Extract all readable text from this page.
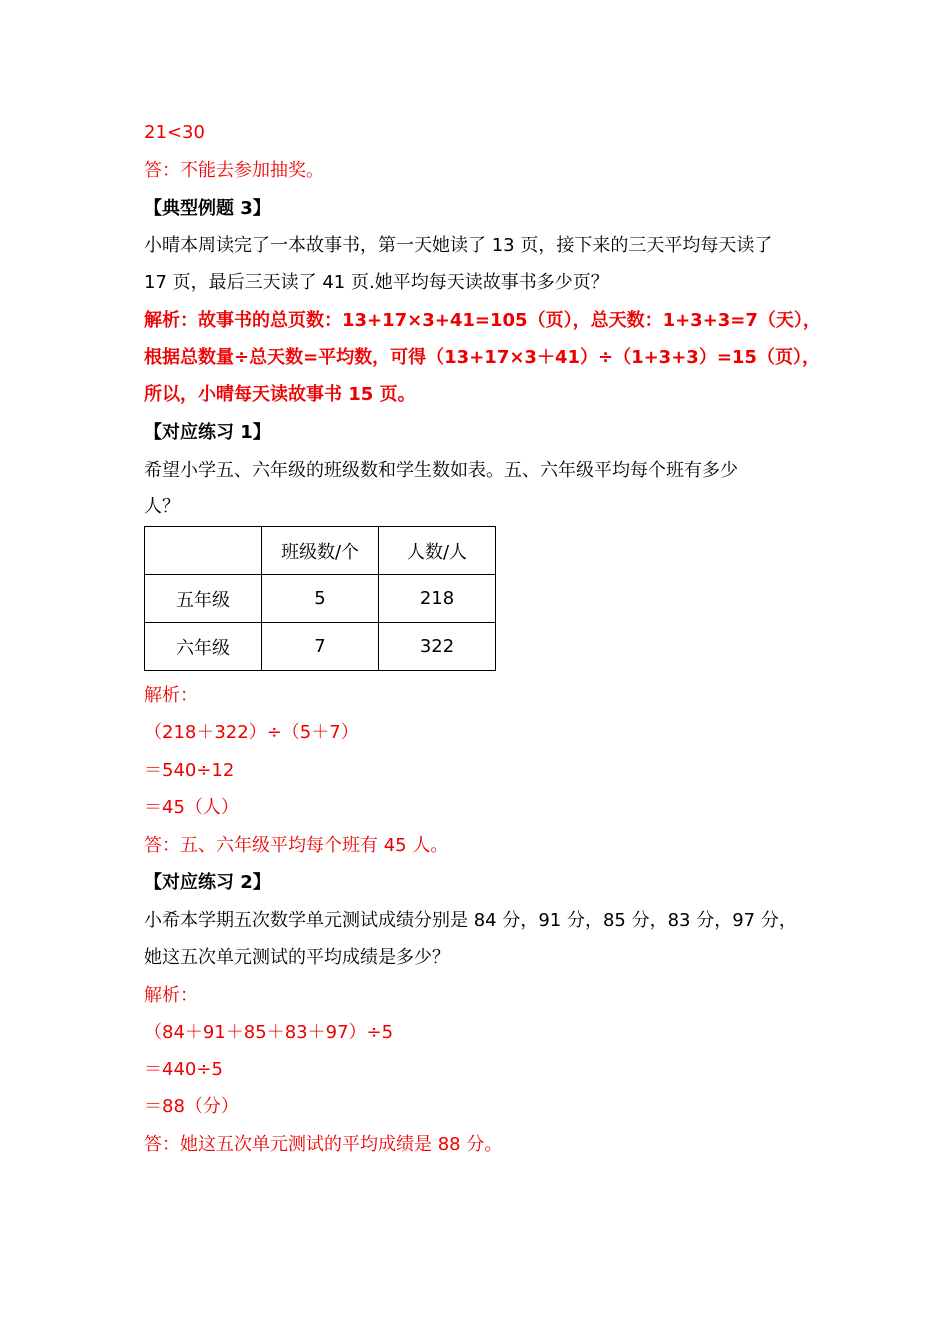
21<30
答：不能去参加抽奖。
【典型例题 3】
小晴本周读完了一本故事书，第一天她读了 13 页，接下来的三天平均每天读了
17 页，最后三天读了 41 页.她平均每天读故事书多少页？
解析：故事书的总页数：13+17×3+41=105（页），总天数：1+3+3=7（天），
根据总数量÷总天数=平均数，可得（13+17×3＋41）÷（1+3+3）=15（页），
所以，小晴每天读故事书 15 页。
【对应练习 1】
希望小学五、六年级的班级数和学生数如表。五、六年级平均每个班有多少
人？
	班级数/个	人数/人
五年级	5	218
六年级	7	322
解析：
（218＋322）÷（5＋7）
＝540÷12
＝45（人）
答：五、六年级平均每个班有 45 人。
【对应练习 2】
小希本学期五次数学单元测试成绩分别是 84 分，91 分，85 分，83 分，97 分，
她这五次单元测试的平均成绩是多少？
解析：
（84＋91＋85＋83＋97）÷5
＝440÷5
＝88（分）
答：她这五次单元测试的平均成绩是 88 分。
